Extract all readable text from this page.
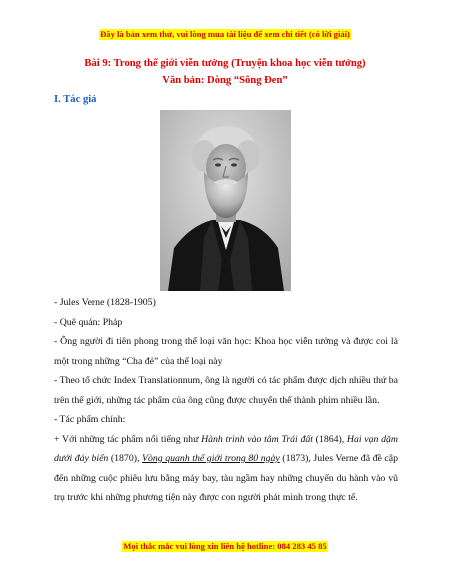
Đây là bản xem thử, vui lòng mua tài liệu để xem chi tiết (có lời giải)
Bài 9: Trong thế giới viễn tưởng (Truyện khoa học viễn tưởng)
Văn bản: Dòng “Sông Đen”
I. Tác giả

- Jules Verne (1828-1905)

- Quê quán: Pháp

- Ông người đi tiên phong trong thể loại văn học: Khoa học viễn tưởng và được coi là một trong những “Cha đẻ” của thể loại này

- Theo tổ chức Index Translationnum, ông là người có tác phẩm được dịch nhiều thứ ba trên thế giới, những tác phẩm của ông cũng được chuyển thể thành phim nhiều lần.

- Tác phẩm chính:

+ Với những tác phẩm nổi tiếng như Hành trình vào tâm Trái đất (1864), Hai vạn dặm dưới đáy biển (1870), Vòng quanh thế giới trong 80 ngày (1873), Jules Verne đã đề cập đến những cuộc phiêu lưu bằng máy bay, tàu ngầm hay những chuyến du hành vào vũ trụ trước khi những phương tiện này được con người phát minh trong thực tế.

Mọi thắc mắc vui lòng xin liên hệ hotline: 084 283 45 85
